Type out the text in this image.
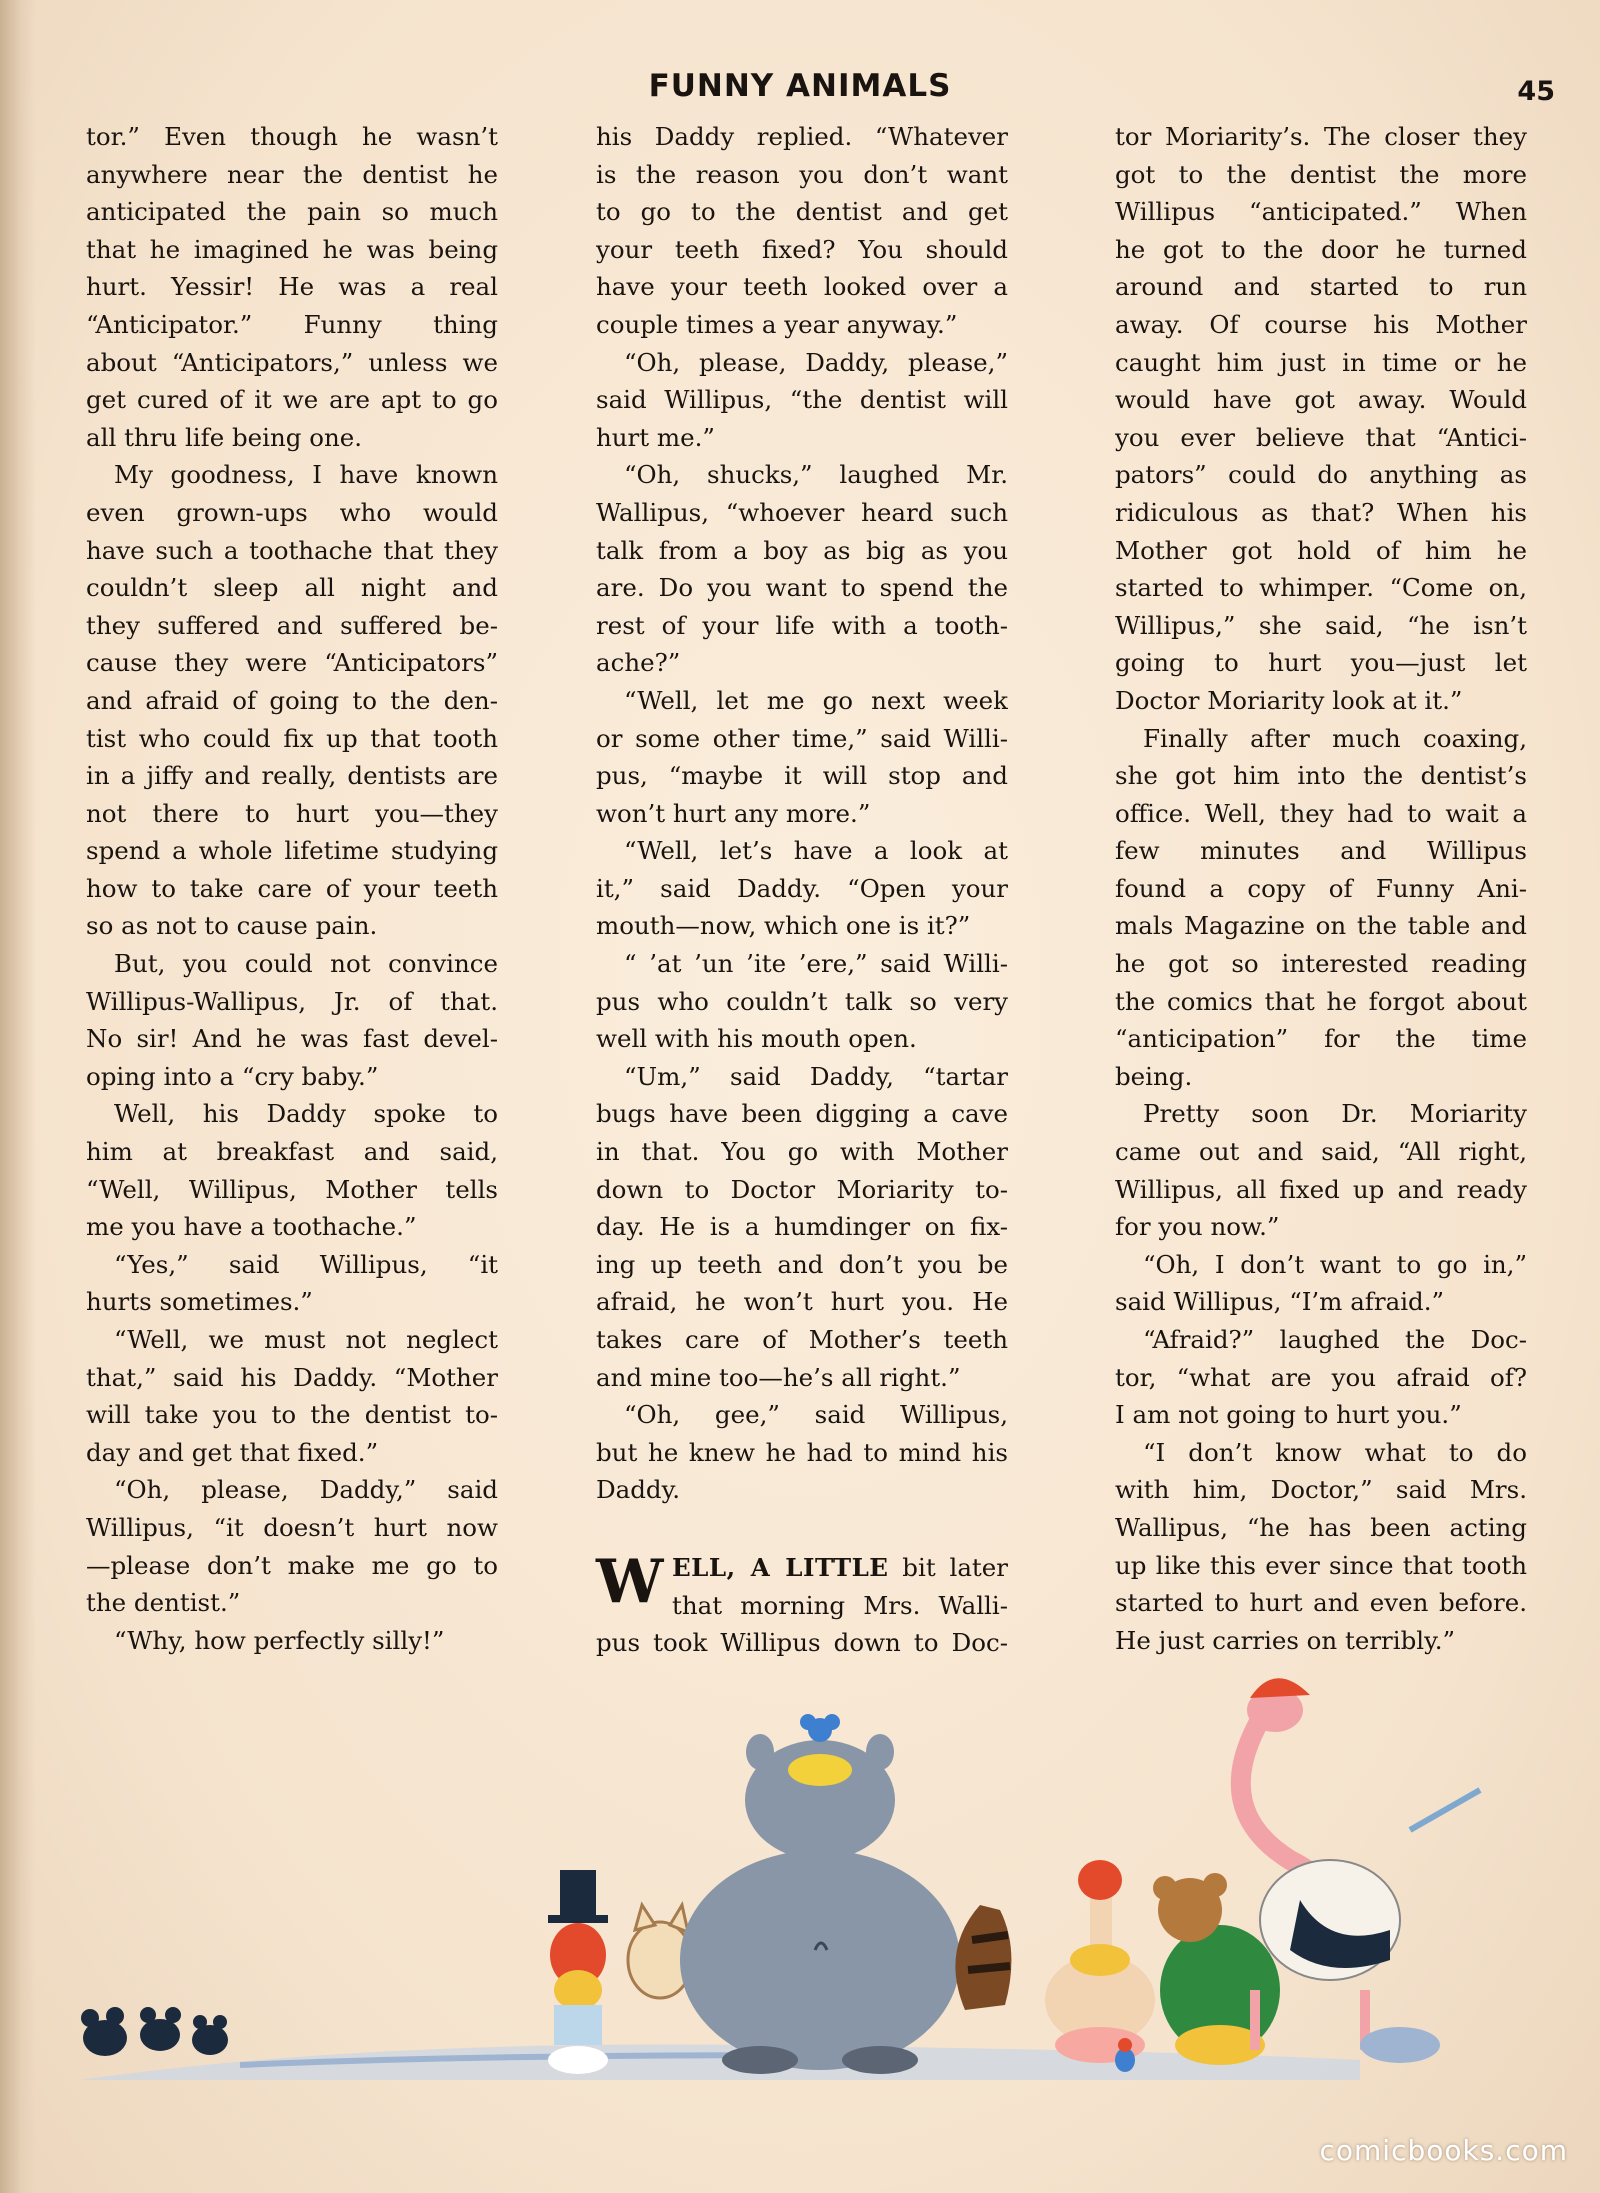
FUNNY ANIMALS	45

tor.” Even though he wasn’t

anywhere near the dentist he

anticipated the pain so much

that he imagined he was being

hurt. Yessir! He was a real

“Anticipator.” Funny thing

about “Anticipators,” unless we

get cured of it we are apt to go

all thru life being one.

My goodness, I have known

even grown-ups who would

have such a toothache that they

couldn’t sleep all night and

they suffered and suffered be-

cause they were “Anticipators”

and afraid of going to the den-

tist who could fix up that tooth

in a jiffy and really, dentists are

not there to hurt you—they

spend a whole lifetime studying

how to take care of your teeth

so as not to cause pain.

But, you could not convince

Willipus-Wallipus, Jr. of that.

No sir! And he was fast devel-

oping into a “cry baby.”

Well, his Daddy spoke to

him at breakfast and said,

“Well, Willipus, Mother tells

me you have a toothache.”

“Yes,” said Willipus, “it

hurts sometimes.”

“Well, we must not neglect

that,” said his Daddy. “Mother

will take you to the dentist to-

day and get that fixed.”

“Oh, please, Daddy,” said

Willipus, “it doesn’t hurt now

—please don’t make me go to

the dentist.”

“Why, how perfectly silly!”

his Daddy replied. “Whatever

is the reason you don’t want

to go to the dentist and get

your teeth fixed? You should

have your teeth looked over a

couple times a year anyway.”

“Oh, please, Daddy, please,”

said Willipus, “the dentist will

hurt me.”

“Oh, shucks,” laughed Mr.

Wallipus, “whoever heard such

talk from a boy as big as you

are. Do you want to spend the

rest of your life with a tooth-

ache?”

“Well, let me go next week

or some other time,” said Willi-

pus, “maybe it will stop and

won’t hurt any more.”

“Well, let’s have a look at

it,” said Daddy. “Open your

mouth—now, which one is it?”

“ ’at ’un ’ite ’ere,” said Willi-

pus who couldn’t talk so very

well with his mouth open.

“Um,” said Daddy, “tartar

bugs have been digging a cave

in that. You go with Mother

down to Doctor Moriarity to-

day. He is a humdinger on fix-

ing up teeth and don’t you be

afraid, he won’t hurt you. He

takes care of Mother’s teeth

and mine too—he’s all right.”

“Oh, gee,” said Willipus,

but he knew he had to mind his

Daddy.

W ELL, A LITTLE bit later
that morning Mrs. Walli-
pus took Willipus down to Doc-

tor Moriarity’s. The closer they

got to the dentist the more

Willipus “anticipated.” When

he got to the door he turned

around and started to run

away. Of course his Mother

caught him just in time or he

would have got away. Would

you ever believe that “Antici-

pators” could do anything as

ridiculous as that? When his

Mother got hold of him he

started to whimper. “Come on,

Willipus,” she said, “he isn’t

going to hurt you—just let

Doctor Moriarity look at it.”

Finally after much coaxing,

she got him into the dentist’s

office. Well, they had to wait a

few minutes and Willipus

found a copy of Funny Ani-

mals Magazine on the table and

he got so interested reading

the comics that he forgot about

“anticipation” for the time

being.

Pretty soon Dr. Moriarity

came out and said, “All right,

Willipus, all fixed up and ready

for you now.”

“Oh, I don’t want to go in,”

said Willipus, “I’m afraid.”

“Afraid?” laughed the Doc-

tor, “what are you afraid of?

I am not going to hurt you.”

“I don’t know what to do

with him, Doctor,” said Mrs.

Wallipus, “he has been acting

up like this ever since that tooth

started to hurt and even before.

He just carries on terribly.”

comicbooks.com
